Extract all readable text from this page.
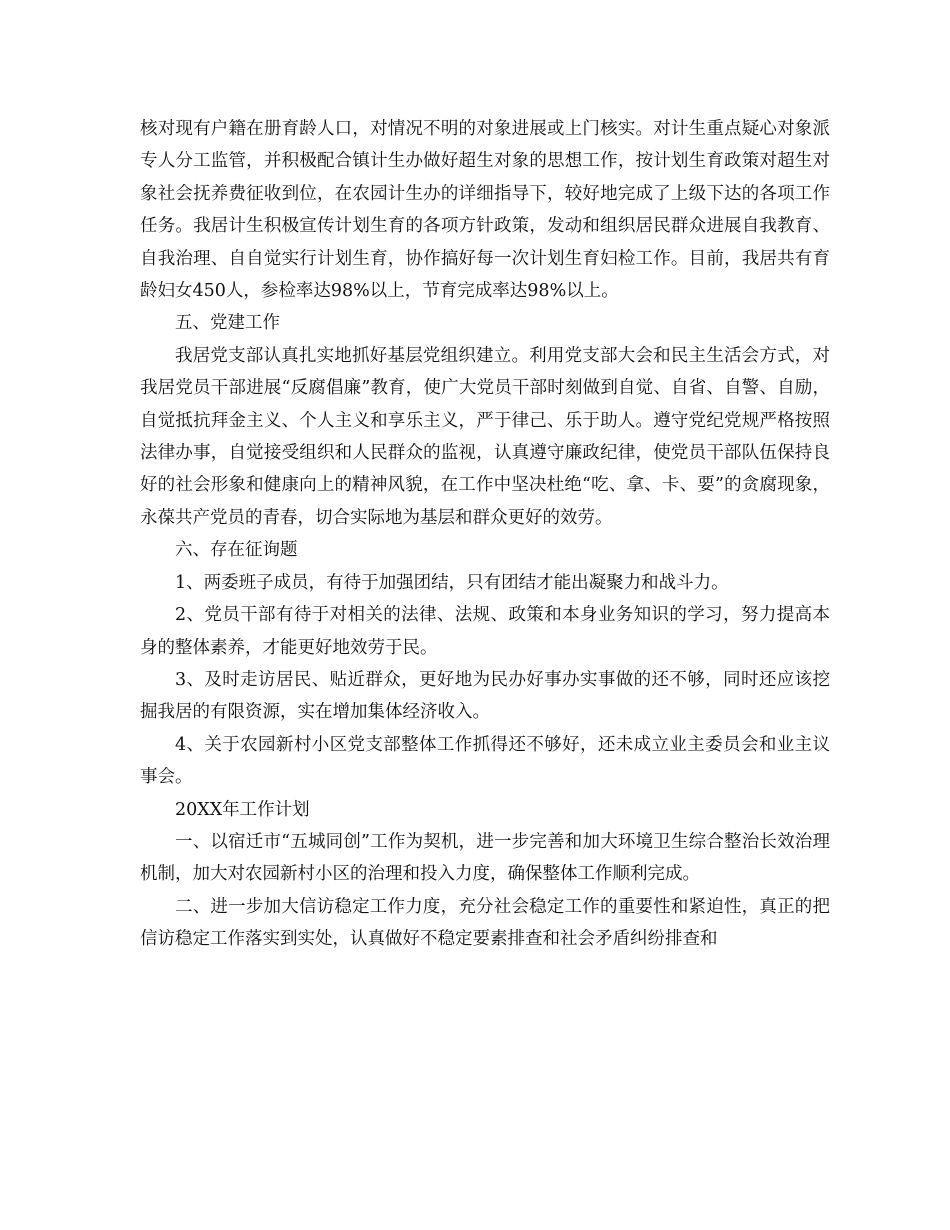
核对现有户籍在册育龄人口，对情况不明的对象进展或上门核实。对计生重点疑心对象派专人分工监管，并积极配合镇计生办做好超生对象的思想工作，按计划生育政策对超生对象社会抚养费征收到位，在农园计生办的详细指导下，较好地完成了上级下达的各项工作任务。我居计生积极宣传计划生育的各项方针政策，发动和组织居民群众进展自我教育、自我治理、自自觉实行计划生育，协作搞好每一次计划生育妇检工作。目前，我居共有育龄妇女450人，参检率达98%以上，节育完成率达98%以上。

五、党建工作

我居党支部认真扎实地抓好基层党组织建立。利用党支部大会和民主生活会方式，对我居党员干部进展“反腐倡廉”教育，使广大党员干部时刻做到自觉、自省、自警、自励，自觉抵抗拜金主义、个人主义和享乐主义，严于律己、乐于助人。遵守党纪党规严格按照法律办事，自觉接受组织和人民群众的监视，认真遵守廉政纪律，使党员干部队伍保持良好的社会形象和健康向上的精神风貌，在工作中坚决杜绝“吃、拿、卡、要”的贪腐现象，永葆共产党员的青春，切合实际地为基层和群众更好的效劳。

六、存在征询题

1、两委班子成员，有待于加强团结，只有团结才能出凝聚力和战斗力。

2、党员干部有待于对相关的法律、法规、政策和本身业务知识的学习，努力提高本身的整体素养，才能更好地效劳于民。

3、及时走访居民、贴近群众，更好地为民办好事办实事做的还不够，同时还应该挖掘我居的有限资源，实在增加集体经济收入。

4、关于农园新村小区党支部整体工作抓得还不够好，还未成立业主委员会和业主议事会。

20XX年工作计划

一、以宿迁市“五城同创”工作为契机，进一步完善和加大环境卫生综合整治长效治理机制，加大对农园新村小区的治理和投入力度，确保整体工作顺利完成。

二、进一步加大信访稳定工作力度，充分社会稳定工作的重要性和紧迫性，真正的把信访稳定工作落实到实处，认真做好不稳定要素排查和社会矛盾纠纷排查和
